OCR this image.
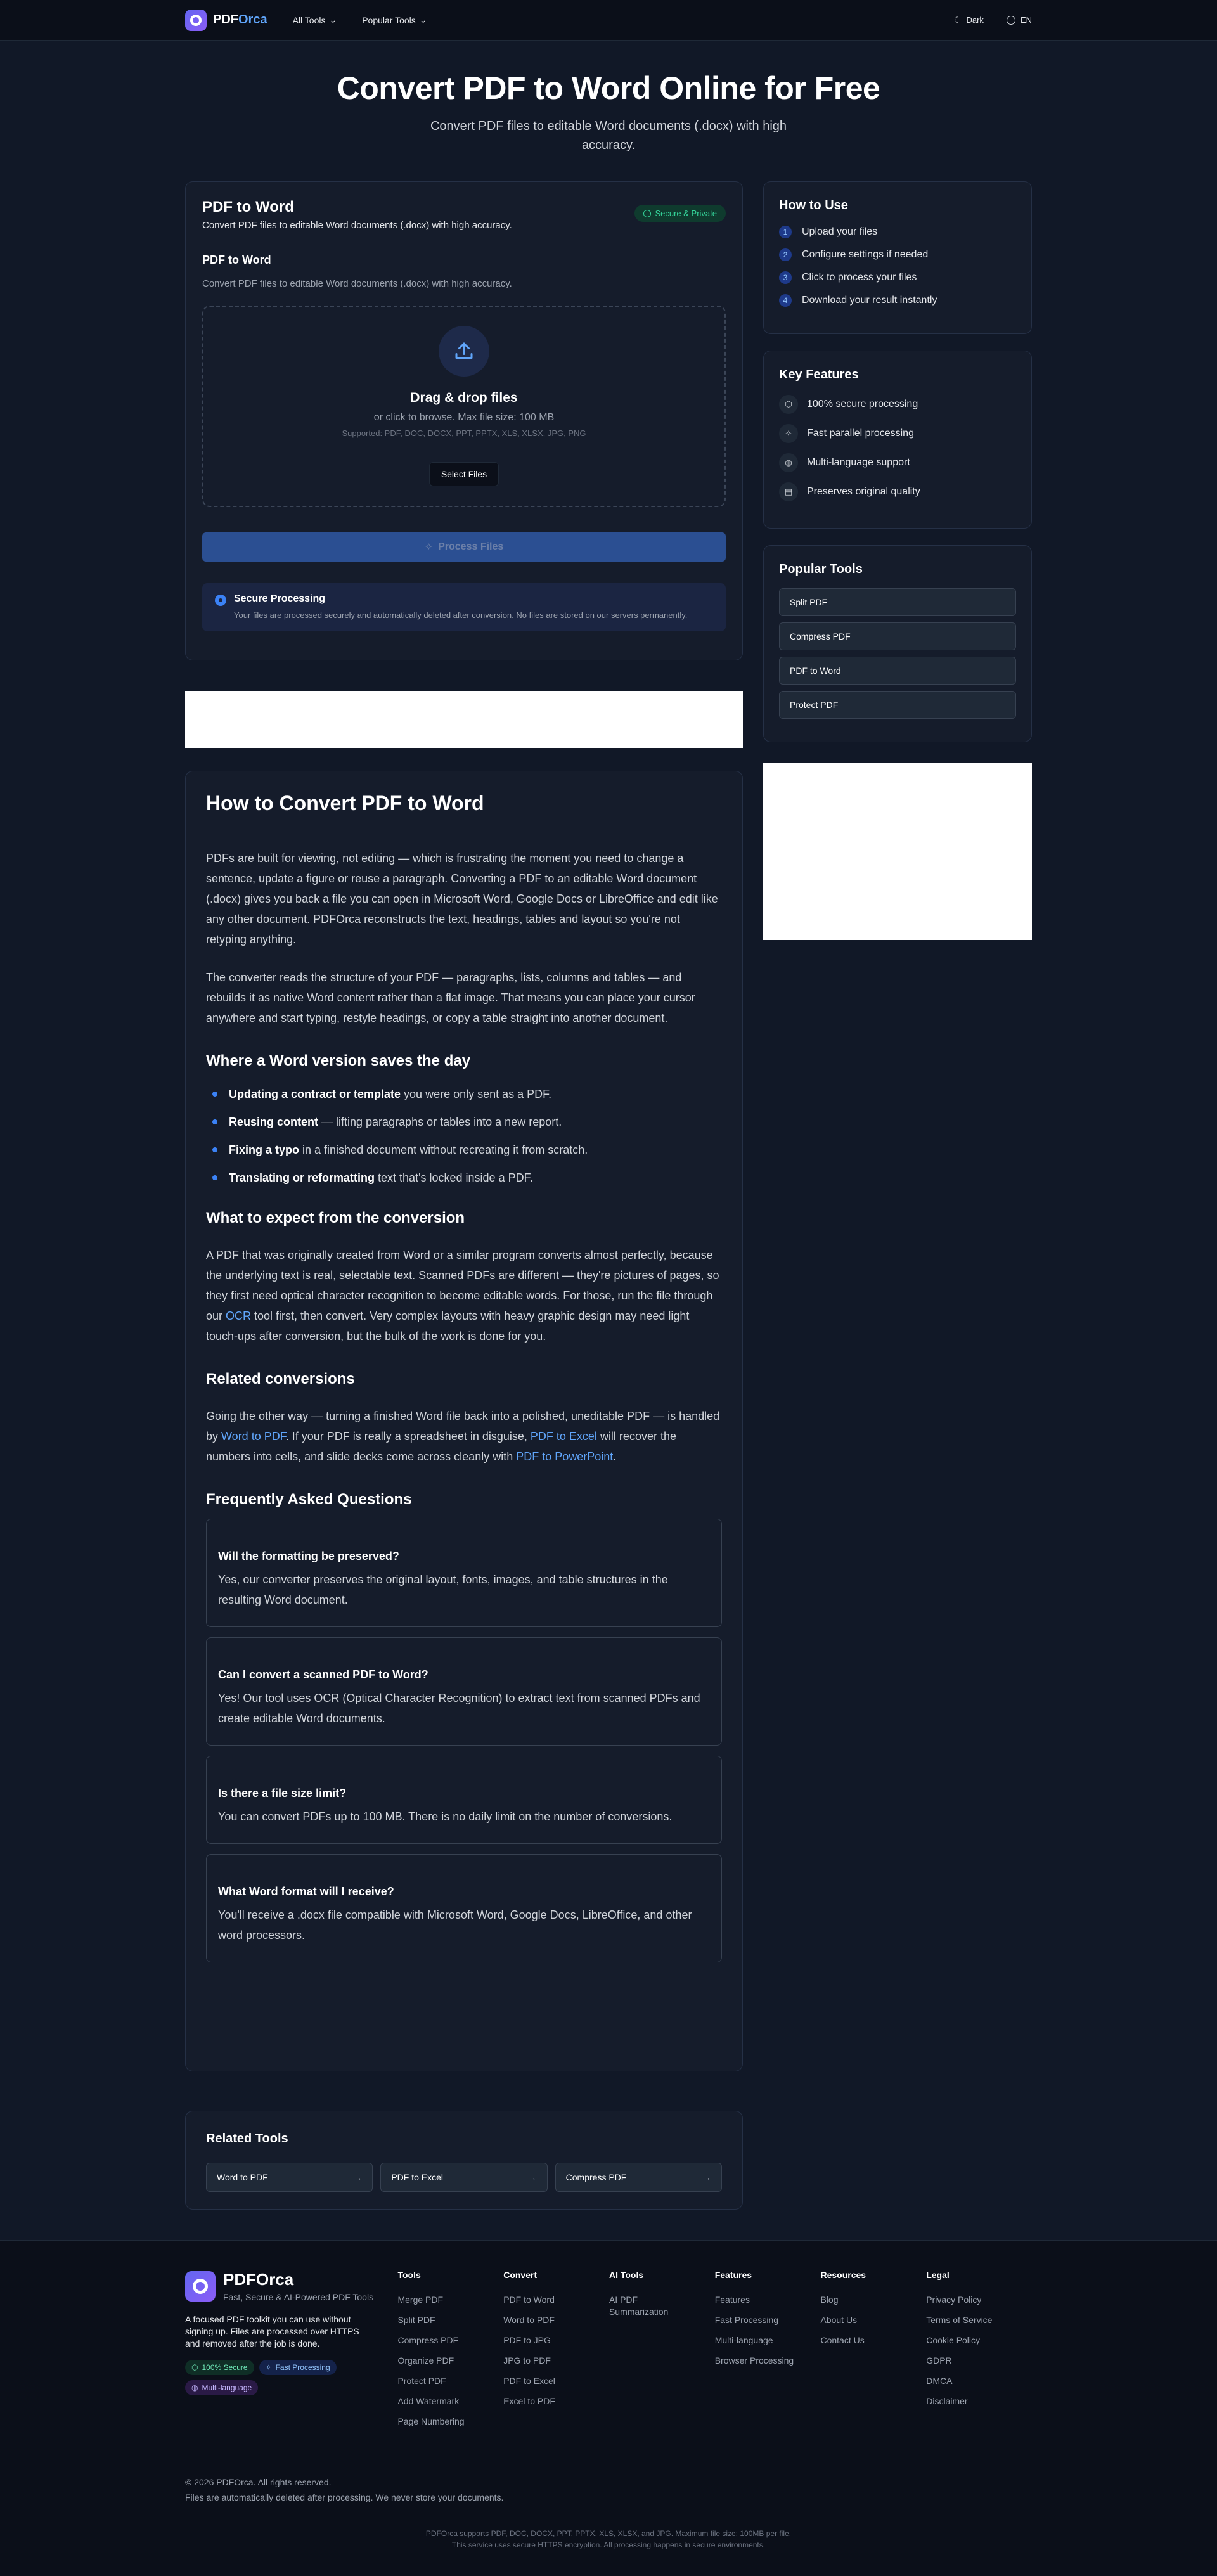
PDFOrca	All Tools ⌄	Popular Tools ⌄	☾ Dark	EN
Convert PDF to Word Online for Free

Convert PDF files to editable Word documents (.docx) with high accuracy.

PDF to Word
Convert PDF files to editable Word documents (.docx) with high accuracy.
Secure & Private
PDF to Word
Convert PDF files to editable Word documents (.docx) with high accuracy.
Drag & drop files
or click to browse. Max file size: 100 MB
Supported: PDF, DOC, DOCX, PPT, PPTX, XLS, XLSX, JPG, PNG
Select Files
✧ Process Files
Secure Processing

Your files are processed securely and automatically deleted after conversion. No files are stored on our servers permanently.

How to Convert PDF to Word

PDFs are built for viewing, not editing — which is frustrating the moment you need to change a sentence, update a figure or reuse a paragraph. Converting a PDF to an editable Word document (.docx) gives you back a file you can open in Microsoft Word, Google Docs or LibreOffice and edit like any other document. PDFOrca reconstructs the text, headings, tables and layout so you're not retyping anything.

The converter reads the structure of your PDF — paragraphs, lists, columns and tables — and rebuilds it as native Word content rather than a flat image. That means you can place your cursor anywhere and start typing, restyle headings, or copy a table straight into another document.

Where a Word version saves the day
Updating a contract or template you were only sent as a PDF.
Reusing content — lifting paragraphs or tables into a new report.
Fixing a typo in a finished document without recreating it from scratch.
Translating or reformatting text that's locked inside a PDF.
What to expect from the conversion

A PDF that was originally created from Word or a similar program converts almost perfectly, because the underlying text is real, selectable text. Scanned PDFs are different — they're pictures of pages, so they first need optical character recognition to become editable words. For those, run the file through our OCR tool first, then convert. Very complex layouts with heavy graphic design may need light touch-ups after conversion, but the bulk of the work is done for you.

Related conversions

Going the other way — turning a finished Word file back into a polished, uneditable PDF — is handled by Word to PDF. If your PDF is really a spreadsheet in disguise, PDF to Excel will recover the numbers into cells, and slide decks come across cleanly with PDF to PowerPoint.

Frequently Asked Questions
Will the formatting be preserved?

Yes, our converter preserves the original layout, fonts, images, and table structures in the resulting Word document.

Can I convert a scanned PDF to Word?

Yes! Our tool uses OCR (Optical Character Recognition) to extract text from scanned PDFs and create editable Word documents.

Is there a file size limit?

You can convert PDFs up to 100 MB. There is no daily limit on the number of conversions.

What Word format will I receive?

You'll receive a .docx file compatible with Microsoft Word, Google Docs, LibreOffice, and other word processors.

Related Tools
Word to PDF	→	PDF to Excel	→	Compress PDF	→
How to Use
1	Upload your files
2	Configure settings if needed
3	Click to process your files
4	Download your result instantly
Key Features
⬡	100% secure processing
✧	Fast parallel processing
◍	Multi-language support
▤	Preserves original quality
Popular Tools
Split PDF
Compress PDF
PDF to Word
Protect PDF
PDFOrca
Fast, Secure & AI-Powered PDF Tools
A focused PDF toolkit you can use without signing up. Files are processed over HTTPS and removed after the job is done.
⬡ 100% Secure ✧ Fast Processing
◍ Multi-language
Tools
Merge PDF
Split PDF
Compress PDF
Organize PDF
Protect PDF
Add Watermark
Page Numbering
Convert
PDF to Word
Word to PDF
PDF to JPG
JPG to PDF
PDF to Excel
Excel to PDF
AI Tools
AI PDF Summarization
Features
Features
Fast Processing
Multi-language
Browser Processing
Resources
Blog
About Us
Contact Us
Legal
Privacy Policy
Terms of Service
Cookie Policy
GDPR
DMCA
Disclaimer
© 2026 PDFOrca. All rights reserved.
Files are automatically deleted after processing. We never store your documents.
PDFOrca supports PDF, DOC, DOCX, PPT, PPTX, XLS, XLSX, and JPG. Maximum file size: 100MB per file.
This service uses secure HTTPS encryption. All processing happens in secure environments.
